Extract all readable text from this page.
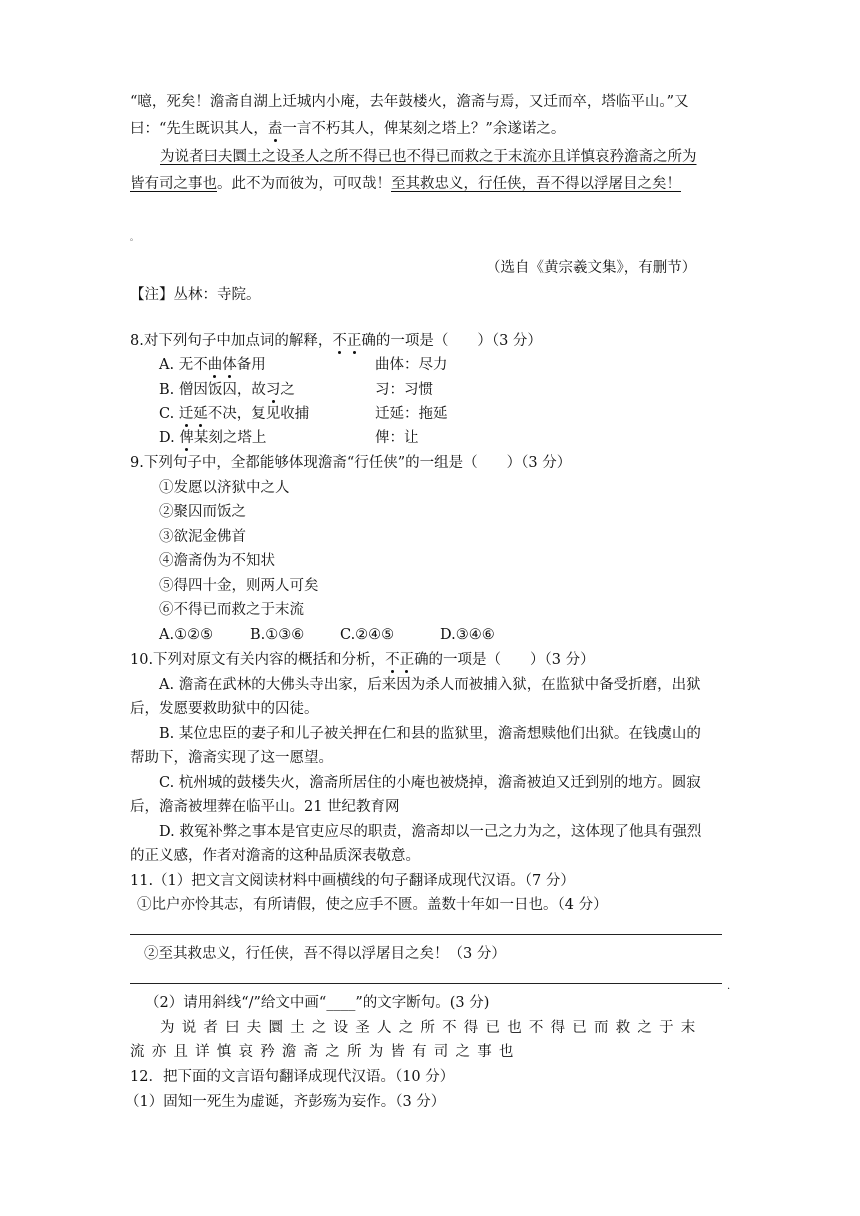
“噫，死矣！澹斋自湖上迁城内小庵，去年鼓楼火，澹斋与焉，又迁而卒，塔临平山。”又
曰：“先生既识其人，盍一言不朽其人，俾某刻之塔上？”余遂诺之。
为说者曰夫圜土之设圣人之所不得已也不得已而救之于末流亦且详慎哀矜澹斋之所为
皆有司之事也。此不为而彼为，可叹哉！至其救忠义，行任侠，吾不得以浮屠目之矣！
。
（选自《黄宗羲文集》，有删节）
【注】丛林：寺院。
8.对下列句子中加点词的解释，不正确的一项是（　　）（3 分）
A. 无不曲体备用	曲体：尽力
B. 僧因饭囚，故习之	习：习惯
C. 迁延不决，复见收捕	迁延：拖延
D. 俾某刻之塔上	俾：让
9.下列句子中，全都能够体现澹斋“行任侠”的一组是（　　）（3 分）
①发愿以济狱中之人
②聚囚而饭之
③欲泥金佛首
④澹斋伪为不知状
⑤得四十金，则两人可矣
⑥不得已而救之于末流
A.①②⑤	B.①③⑥ C.②④⑤	D.③④⑥
10.下列对原文有关内容的概括和分析，不正确的一项是（　　）（3 分）
A. 澹斋在武林的大佛头寺出家，后来因为杀人而被捕入狱，在监狱中备受折磨，出狱
后，发愿要救助狱中的囚徒。
B. 某位忠臣的妻子和儿子被关押在仁和县的监狱里，澹斋想赎他们出狱。在钱虞山的
帮助下，澹斋实现了这一愿望。
C. 杭州城的鼓楼失火，澹斋所居住的小庵也被烧掉，澹斋被迫又迁到别的地方。圆寂
后，澹斋被埋葬在临平山。21 世纪教育网
D. 救冤补弊之事本是官吏应尽的职责，澹斋却以一己之力为之，这体现了他具有强烈
的正义感，作者对澹斋的这种品质深表敬意。
11.（1）把文言文阅读材料中画横线的句子翻译成现代汉语。（7 分）
①比户亦怜其志，有所请假，使之应手不匮。盖数十年如一日也。（4 分）
②至其救忠义，行任侠，吾不得以浮屠目之矣！（3 分）
.
（2）请用斜线“/”给文中画“____”的文字断句。(3 分)
为说者曰夫圜土之设圣人之所不得已也不得已而救之于末
流亦且详慎哀矜澹斋之所为皆有司之事也
12．把下面的文言语句翻译成现代汉语。（10 分）
（1）固知一死生为虚诞，齐彭殇为妄作。（3 分）
